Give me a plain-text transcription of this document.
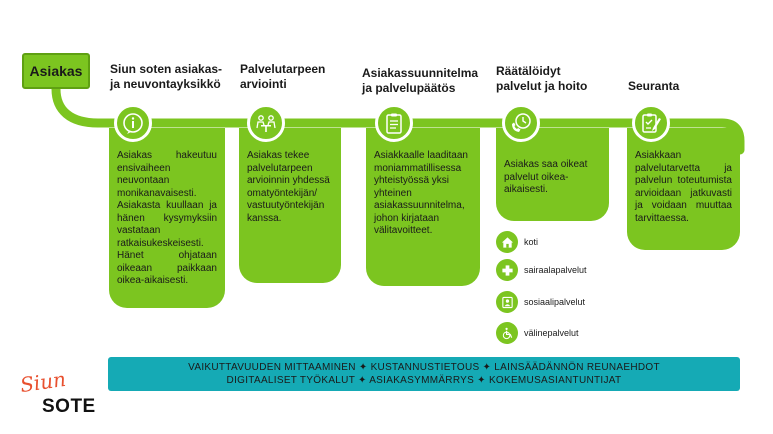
Asiakas	Siun soten asiakas- ja neuvontayksikkö
Asiakas hakeutuu ensivaiheen neuvontaan monikanavaisesti. Asiakasta kuullaan ja hänen kysymyksiin vastataan ratkaisukeskeisesti. Hänet ohjataan oikeaan paikkaan oikea-aikaisesti.
Palvelutarpeen arviointi
Asiakas tekee palvelutarpeen arvioinnin yhdessä omatyöntekijän/ vastuutyöntekijän kanssa.
Asiakassuunnitelma ja palvelupäätös
Asiakkaalle laaditaan moniammatillisessa yhteistyössä yksi yhteinen asiakassuunnitelma, johon kirjataan välitavoitteet.
Räätälöidyt palvelut ja hoito
Asiakas saa oikeat palvelut oikea-aikaisesti.
Seuranta
Asiakkaan palvelutarvetta ja palvelun toteutumista arvioidaan jatkuvasti ja voidaan muuttaa tarvittaessa.
koti
sairaalapalvelut
sosiaalipalvelut
välinepalvelut
VAIKUTTAVUUDEN MITTAAMINEN ✦ KUSTANNUSTIETOUS ✦ LAINSÄÄDÄNNÖN REUNAEHDOT
DIGITAALISET TYÖKALUT ✦ ASIAKASYMMÄRRYS ✦ KOKEMUSASIANTUNTIJAT
Siun
SOTE
